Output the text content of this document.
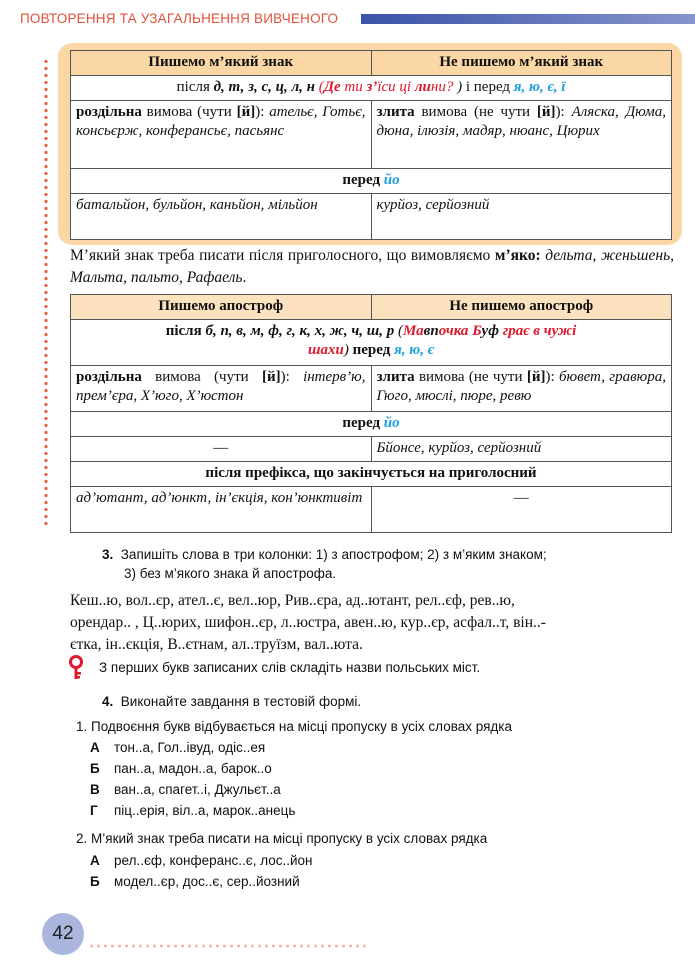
ПОВТОРЕННЯ ТА УЗАГАЛЬНЕННЯ ВИВЧЕНОГО
Пишемо м’який знак	Не пишемо м’який знак
після д, т, з, с, ц, л, н (Де ти з’їси ці лини? ) і перед я, ю, є, ї	
роздільна вимова (чути [й]): ательє, Готьє, консьєрж, конферансьє, пасьянс	злита вимова (не чути [й]): Аляска, Дюма, дюна, ілюзія, мадяр, нюанс, Цюрих
перед йо	
батальйон, бульйон, каньйон, мільйон	курйоз, серйозний
М’який знак треба писати після приголосного, що вимовляємо м’яко: дельта, женьшень, Мальта, пальто, Рафаель.
Пишемо апостроф	Не пишемо апостроф
після б, п, в, м, ф, г, к, х, ж, ч, ш, р (Мавпочка Буф грає в чужі
шахи) перед я, ю, є	
роздільна вимова (чути [й]): інтерв’ю, прем’єра, Х’юго, Х’юстон	злита вимова (не чути [й]): бювет, гравюра, Гюго, мюслі, пюре, ревю
перед йо	
—	Бйонсе, курйоз, серйозний
після префікса, що закінчується на приголосний	
ад’ютант, ад’юнкт, ін’єкція, кон’юнктивіт	—
3. Запишіть слова в три колонки: 1) з апострофом; 2) з м’яким знаком;
3) без м’якого знака й апострофа.
Кеш..ю, вол..єр, ател..є, вел..юр, Рив..єра, ад..ютант, рел..єф, рев..ю,
орендар.. , Ц..юрих, шифон..єр, л..юстра, авен..ю, кур..єр, асфал..т, він..-
єтка, ін..єкція, В..єтнам, ал..труїзм, вал..юта.
З перших букв записаних слів складіть назви польських міст.
4. Виконайте завдання в тестовій формі.
1. Подвоєння букв відбувається на місці пропуску в усіх словах рядка
А тон..а, Гол..івуд, одіс..ея
Б пан..а, мадон..а, барок..о
В ван..а, спагет..і, Джульєт..а
Г піц..ерія, віл..а, марок..анець
2. М’який знак треба писати на місці пропуску в усіх словах рядка
А рел..єф, конферанс..є, лос..йон
Б модел..єр, дос..є, сер..йозний
42
